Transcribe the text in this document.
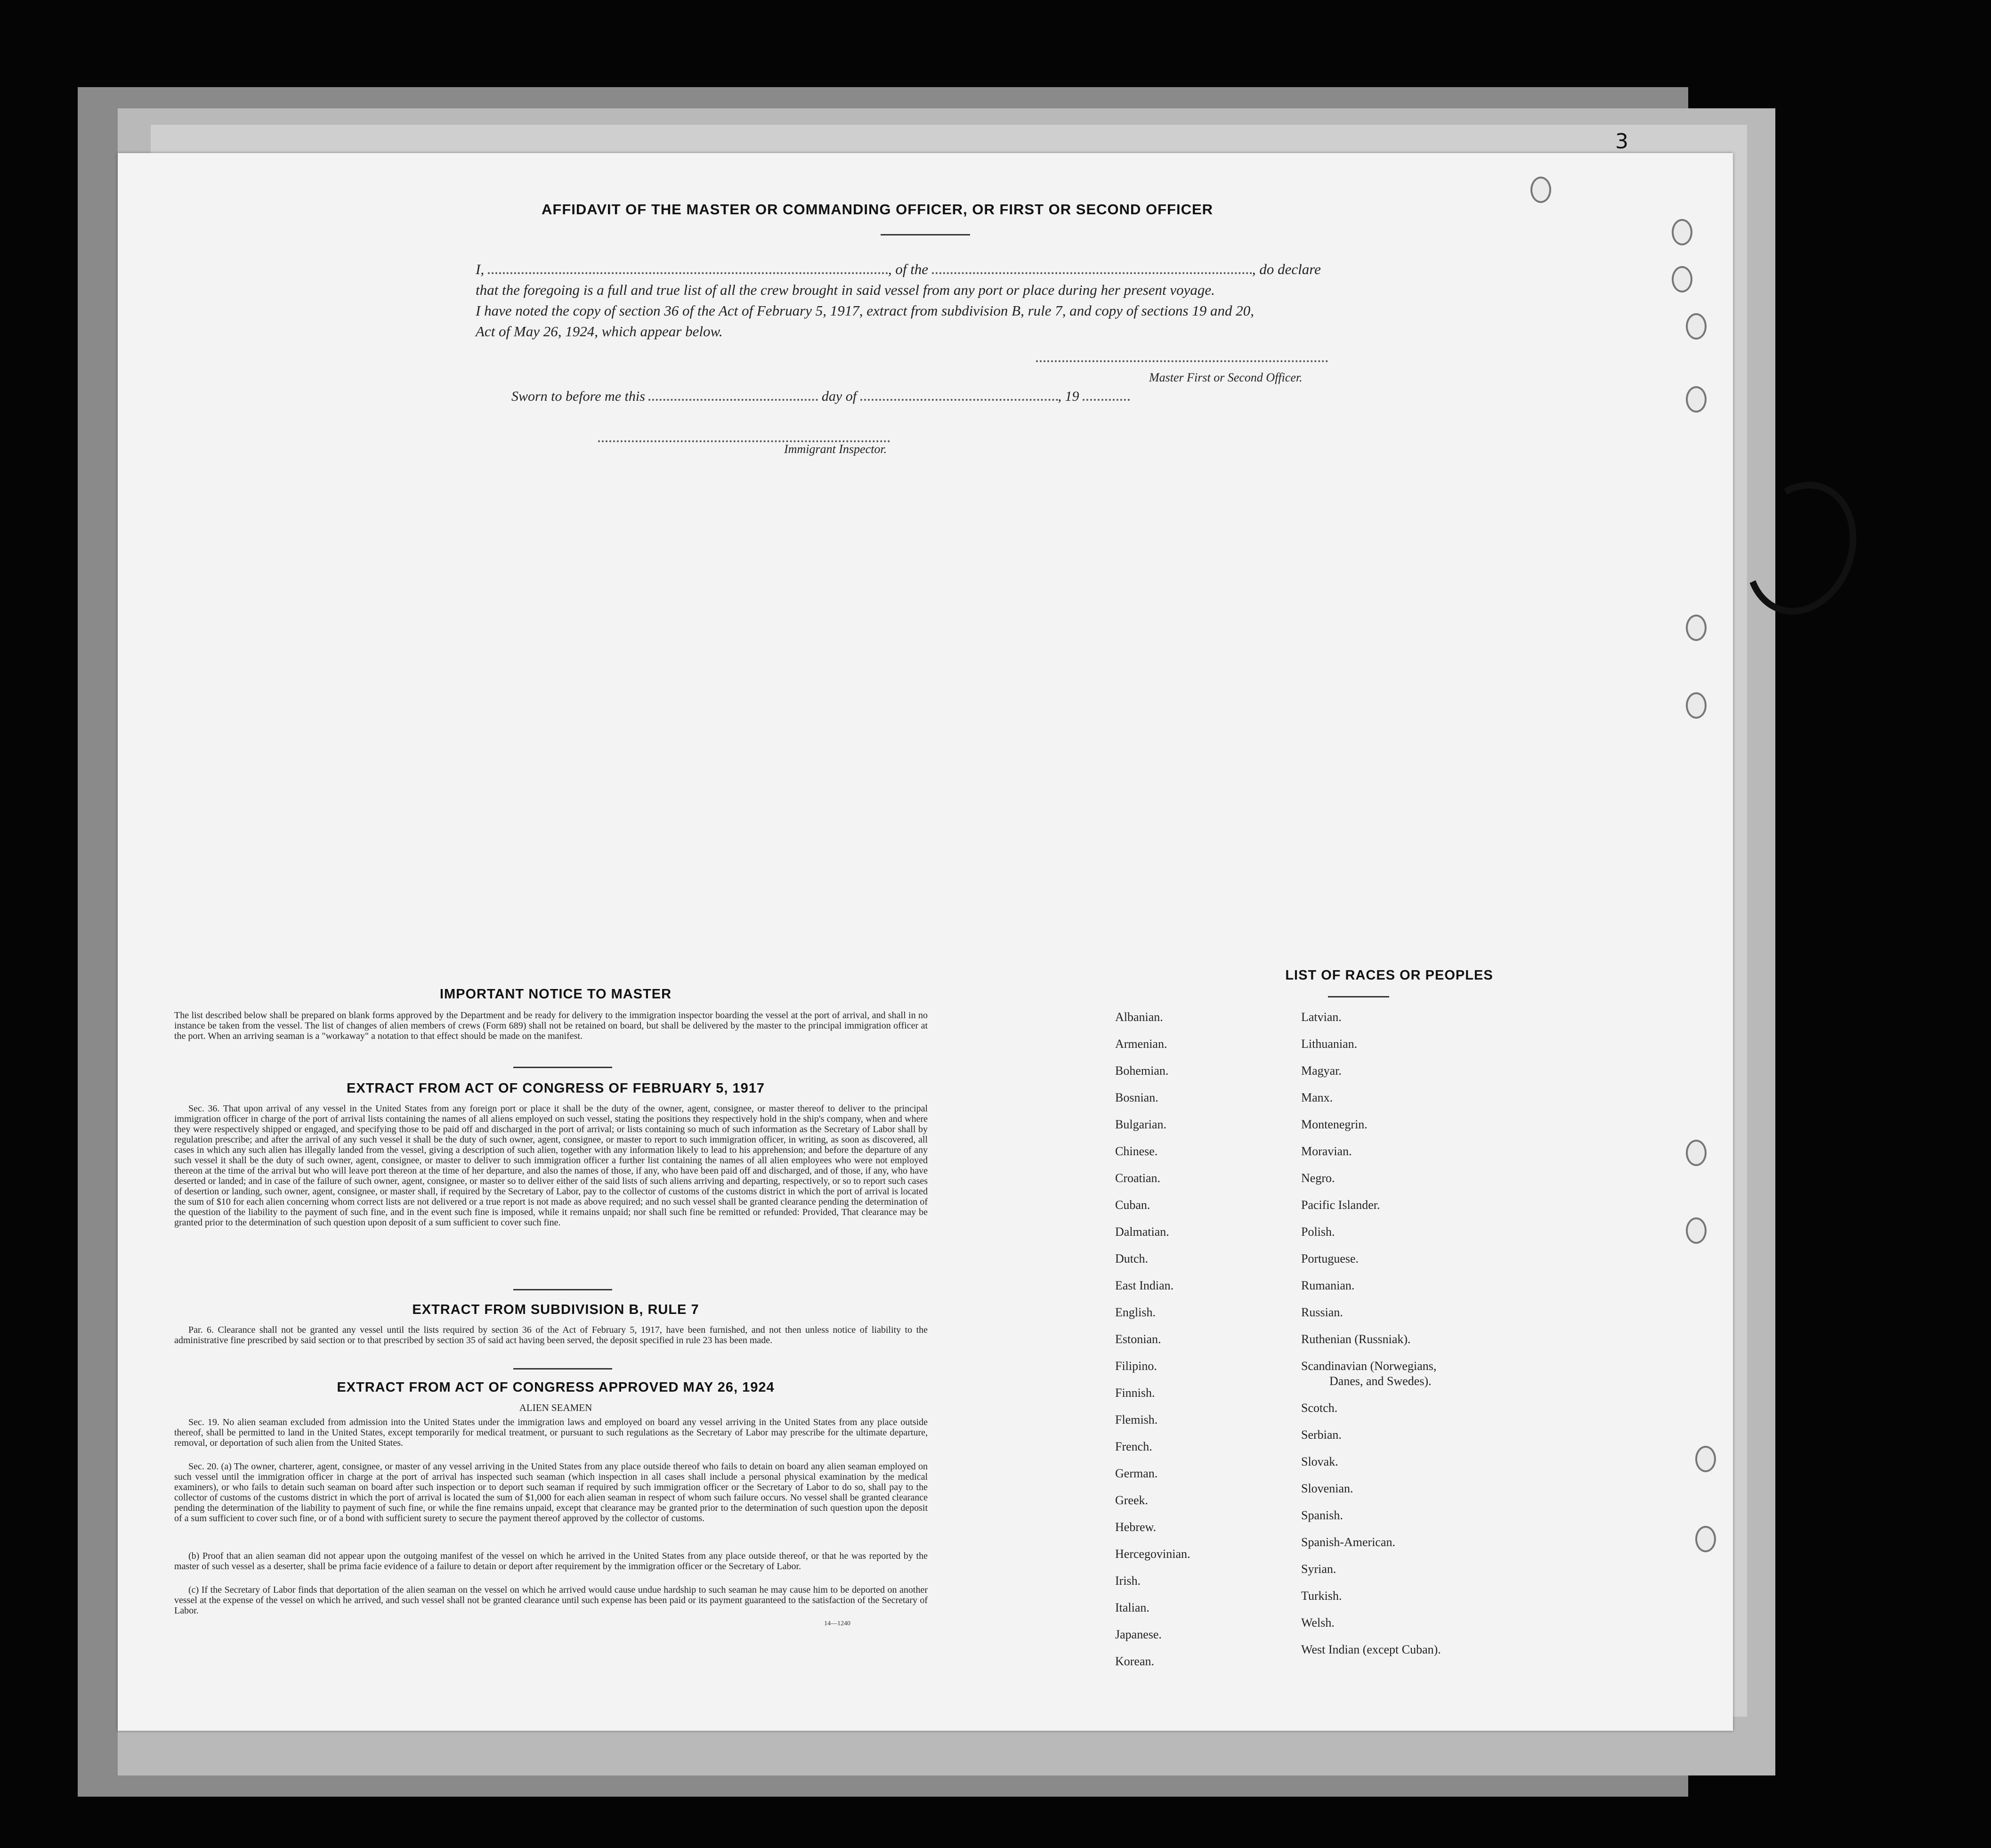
AFFIDAVIT OF THE MASTER OR COMMANDING OFFICER, OR FIRST OR SECOND OFFICER
I,	, of the	, do declare
that the foregoing is a full and true list of all the crew brought in said vessel from any port or place during her present voyage.
I have noted the copy of section 36 of the Act of February 5, 1917, extract from subdivision B, rule 7, and copy of sections 19 and 20,
Act of May 26, 1924, which appear below.
Master First or Second Officer.
Sworn to before me this	day of	, 19
Immigrant Inspector.
IMPORTANT NOTICE TO MASTER
The list described below shall be prepared on blank forms approved by the Department and be ready for delivery to the immigration inspector boarding the vessel at the port of arrival, and shall in no instance be taken from the vessel. The list of changes of alien members of crews (Form 689) shall not be retained on board, but shall be delivered by the master to the principal immigration officer at the port. When an arriving seaman is a "workaway" a notation to that effect should be made on the manifest.
EXTRACT FROM ACT OF CONGRESS OF FEBRUARY 5, 1917
Sec. 36. That upon arrival of any vessel in the United States from any foreign port or place it shall be the duty of the owner, agent, consignee, or master thereof to deliver to the principal immigration officer in charge of the port of arrival lists containing the names of all aliens employed on such vessel, stating the positions they respectively hold in the ship's company, when and where they were respectively shipped or engaged, and specifying those to be paid off and discharged in the port of arrival; or lists containing so much of such information as the Secretary of Labor shall by regulation prescribe; and after the arrival of any such vessel it shall be the duty of such owner, agent, consignee, or master to report to such immigration officer, in writing, as soon as discovered, all cases in which any such alien has illegally landed from the vessel, giving a description of such alien, together with any information likely to lead to his apprehension; and before the departure of any such vessel it shall be the duty of such owner, agent, consignee, or master to deliver to such immigration officer a further list containing the names of all alien employees who were not employed thereon at the time of the arrival but who will leave port thereon at the time of her departure, and also the names of those, if any, who have been paid off and discharged, and of those, if any, who have deserted or landed; and in case of the failure of such owner, agent, consignee, or master so to deliver either of the said lists of such aliens arriving and departing, respectively, or so to report such cases of desertion or landing, such owner, agent, consignee, or master shall, if required by the Secretary of Labor, pay to the collector of customs of the customs district in which the port of arrival is located the sum of $10 for each alien concerning whom correct lists are not delivered or a true report is not made as above required; and no such vessel shall be granted clearance pending the determination of the question of the liability to the payment of such fine, and in the event such fine is imposed, while it remains unpaid; nor shall such fine be remitted or refunded: Provided, That clearance may be granted prior to the determination of such question upon deposit of a sum sufficient to cover such fine.
EXTRACT FROM SUBDIVISION B, RULE 7
Par. 6. Clearance shall not be granted any vessel until the lists required by section 36 of the Act of February 5, 1917, have been furnished, and not then unless notice of liability to the administrative fine prescribed by said section or to that prescribed by section 35 of said act having been served, the deposit specified in rule 23 has been made.
EXTRACT FROM ACT OF CONGRESS APPROVED MAY 26, 1924
ALIEN SEAMEN
Sec. 19. No alien seaman excluded from admission into the United States under the immigration laws and employed on board any vessel arriving in the United States from any place outside thereof, shall be permitted to land in the United States, except temporarily for medical treatment, or pursuant to such regulations as the Secretary of Labor may prescribe for the ultimate departure, removal, or deportation of such alien from the United States.
Sec. 20. (a) The owner, charterer, agent, consignee, or master of any vessel arriving in the United States from any place outside thereof who fails to detain on board any alien seaman employed on such vessel until the immigration officer in charge at the port of arrival has inspected such seaman (which inspection in all cases shall include a personal physical examination by the medical examiners), or who fails to detain such seaman on board after such inspection or to deport such seaman if required by such immigration officer or the Secretary of Labor to do so, shall pay to the collector of customs of the customs district in which the port of arrival is located the sum of $1,000 for each alien seaman in respect of whom such failure occurs. No vessel shall be granted clearance pending the determination of the liability to payment of such fine, or while the fine remains unpaid, except that clearance may be granted prior to the determination of such question upon the deposit of a sum sufficient to cover such fine, or of a bond with sufficient surety to secure the payment thereof approved by the collector of customs.
(b) Proof that an alien seaman did not appear upon the outgoing manifest of the vessel on which he arrived in the United States from any place outside thereof, or that he was reported by the master of such vessel as a deserter, shall be prima facie evidence of a failure to detain or deport after requirement by the immigration officer or the Secretary of Labor.
(c) If the Secretary of Labor finds that deportation of the alien seaman on the vessel on which he arrived would cause undue hardship to such seaman he may cause him to be deported on another vessel at the expense of the vessel on which he arrived, and such vessel shall not be granted clearance until such expense has been paid or its payment guaranteed to the satisfaction of the Secretary of Labor.
14—1240
LIST OF RACES OR PEOPLES
Albanian.
Armenian.
Bohemian.
Bosnian.
Bulgarian.
Chinese.
Croatian.
Cuban.
Dalmatian.
Dutch.
East Indian.
English.
Estonian.
Filipino.
Finnish.
Flemish.
French.
German.
Greek.
Hebrew.
Hercegovinian.
Irish.
Italian.
Japanese.
Korean.
Latvian.
Lithuanian.
Magyar.
Manx.
Montenegrin.
Moravian.
Negro.
Pacific Islander.
Polish.
Portuguese.
Rumanian.
Russian.
Ruthenian (Russniak).
Scandinavian (Norwegians,
Danes, and Swedes).
Scotch.
Serbian.
Slovak.
Slovenian.
Spanish.
Spanish-American.
Syrian.
Turkish.
Welsh.
West Indian (except Cuban).
3
